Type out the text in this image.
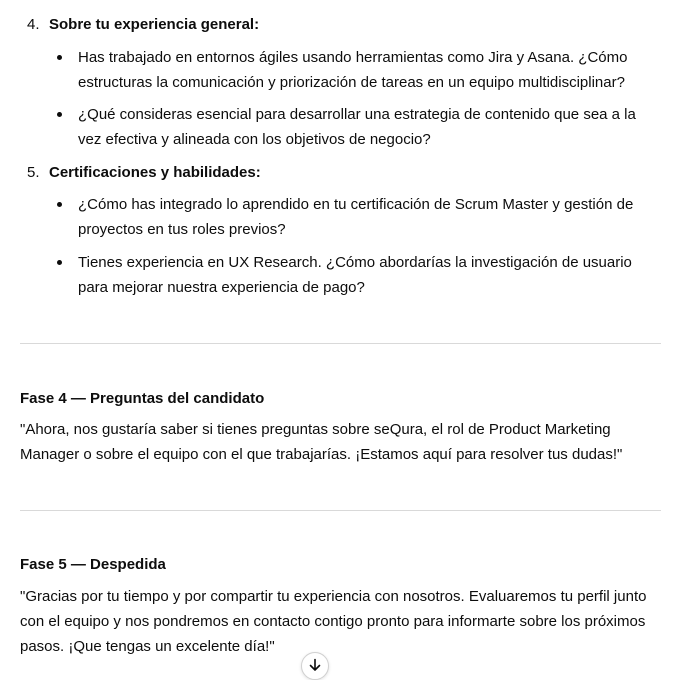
4. Sobre tu experiencia general:
Has trabajado en entornos ágiles usando herramientas como Jira y Asana. ¿Cómo estructuras la comunicación y priorización de tareas en un equipo multidisciplinar?
¿Qué consideras esencial para desarrollar una estrategia de contenido que sea a la vez efectiva y alineada con los objetivos de negocio?
5. Certificaciones y habilidades:
¿Cómo has integrado lo aprendido en tu certificación de Scrum Master y gestión de proyectos en tus roles previos?
Tienes experiencia en UX Research. ¿Cómo abordarías la investigación de usuario para mejorar nuestra experiencia de pago?
Fase 4 — Preguntas del candidato
"Ahora, nos gustaría saber si tienes preguntas sobre seQura, el rol de Product Marketing Manager o sobre el equipo con el que trabajarías. ¡Estamos aquí para resolver tus dudas!"
Fase 5 — Despedida
"Gracias por tu tiempo y por compartir tu experiencia con nosotros. Evaluaremos tu perfil junto con el equipo y nos pondremos en contacto contigo pronto para informarte sobre los próximos pasos. ¡Que tengas un excelente día!"
